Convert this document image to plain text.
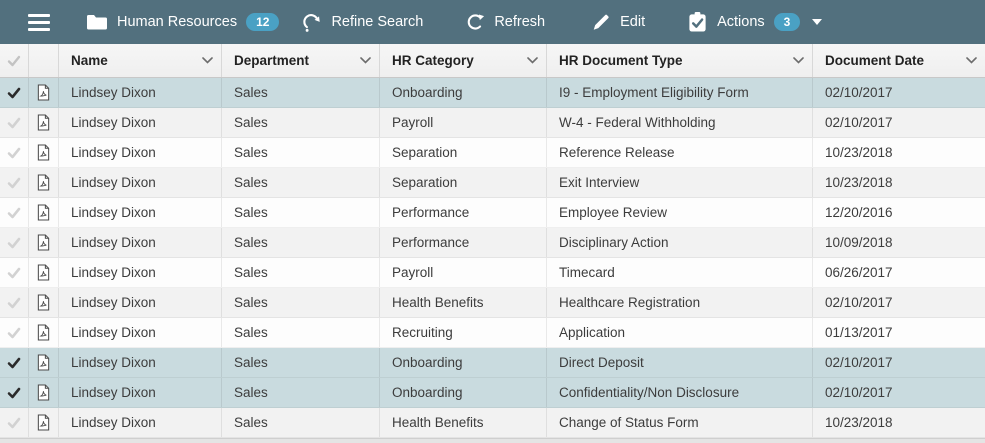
Human Resources	12	Refine Search	Refresh	Edit	Actions	3
Name	Department	HR Category	HR Document Type	Document Date
Lindsey Dixon	Sales	Onboarding	I9 - Employment Eligibility Form	02/10/2017
Lindsey Dixon	Sales	Payroll	W-4 - Federal Withholding	02/10/2017
Lindsey Dixon	Sales	Separation	Reference Release	10/23/2018
Lindsey Dixon	Sales	Separation	Exit Interview	10/23/2018
Lindsey Dixon	Sales	Performance	Employee Review	12/20/2016
Lindsey Dixon	Sales	Performance	Disciplinary Action	10/09/2018
Lindsey Dixon	Sales	Payroll	Timecard	06/26/2017
Lindsey Dixon	Sales	Health Benefits	Healthcare Registration	02/10/2017
Lindsey Dixon	Sales	Recruiting	Application	01/13/2017
Lindsey Dixon	Sales	Onboarding	Direct Deposit	02/10/2017
Lindsey Dixon	Sales	Onboarding	Confidentiality/Non Disclosure	02/10/2017
Lindsey Dixon	Sales	Health Benefits	Change of Status Form	10/23/2018
